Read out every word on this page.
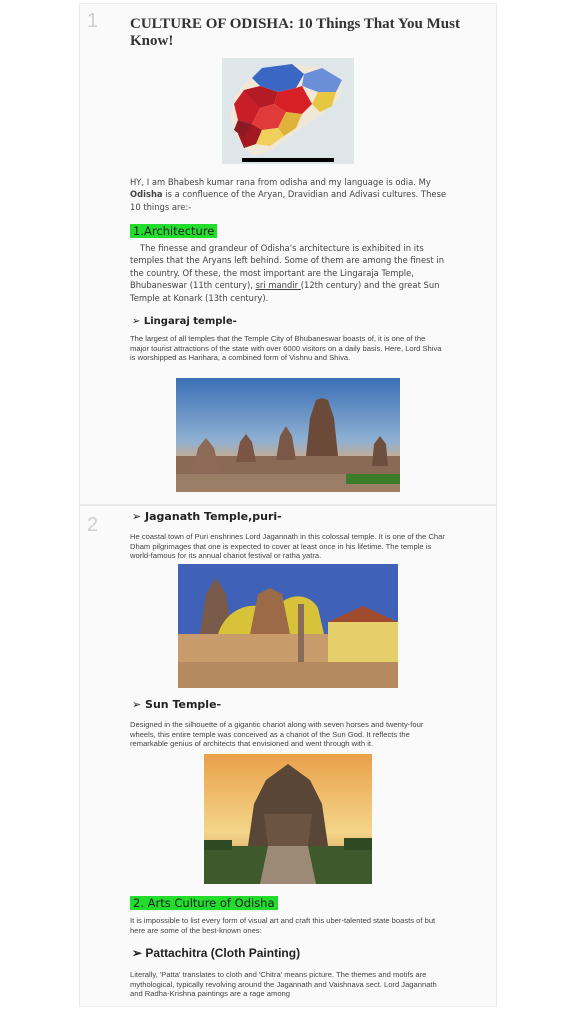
1 CULTURE OF ODISHA: 10 Things That You Must Know!
HY, I am Bhabesh kumar rana from odisha and my language is odia. My Odisha is a confluence of the Aryan, Dravidian and Adivasi cultures. These 10 things are:-
1.Architecture
The finesse and grandeur of Odisha's architecture is exhibited in its temples that the Aryans left behind. Some of them are among the finest in the country. Of these, the most important are the Lingaraja Temple, Bhubaneswar (11th century), sri mandir (12th century) and the great Sun Temple at Konark (13th century).
➢ Lingaraj temple-
The largest of all temples that the Temple City of Bhubaneswar boasts of, it is one of the major tourist attractions of the state with over 6000 visitors on a daily basis. Here, Lord Shiva is worshipped as Harihara, a combined form of Vishnu and Shiva.
2	➢ Jaganath Temple,puri-
He coastal town of Puri enshrines Lord Jagannath in this colossal temple. It is one of the Char Dham pilgrimages that one is expected to cover at least once in his lifetime. The temple is world-famous for its annual chariot festival or ratha yatra.
➢ Sun Temple-
Designed in the silhouette of a gigantic chariot along with seven horses and twenty-four wheels, this entire temple was conceived as a chariot of the Sun God. It reflects the remarkable genius of architects that envisioned and went through with it.
2. Arts Culture of Odisha
It is impossible to list every form of visual art and craft this uber-talented state boasts of but here are some of the best-known ones:
➢ Pattachitra (Cloth Painting)
Literally, 'Patta' translates to cloth and 'Chitra' means picture. The themes and motifs are mythological, typically revolving around the Jagannath and Vaishnava sect. Lord Jagannath and Radha-Krishna paintings are a rage among
